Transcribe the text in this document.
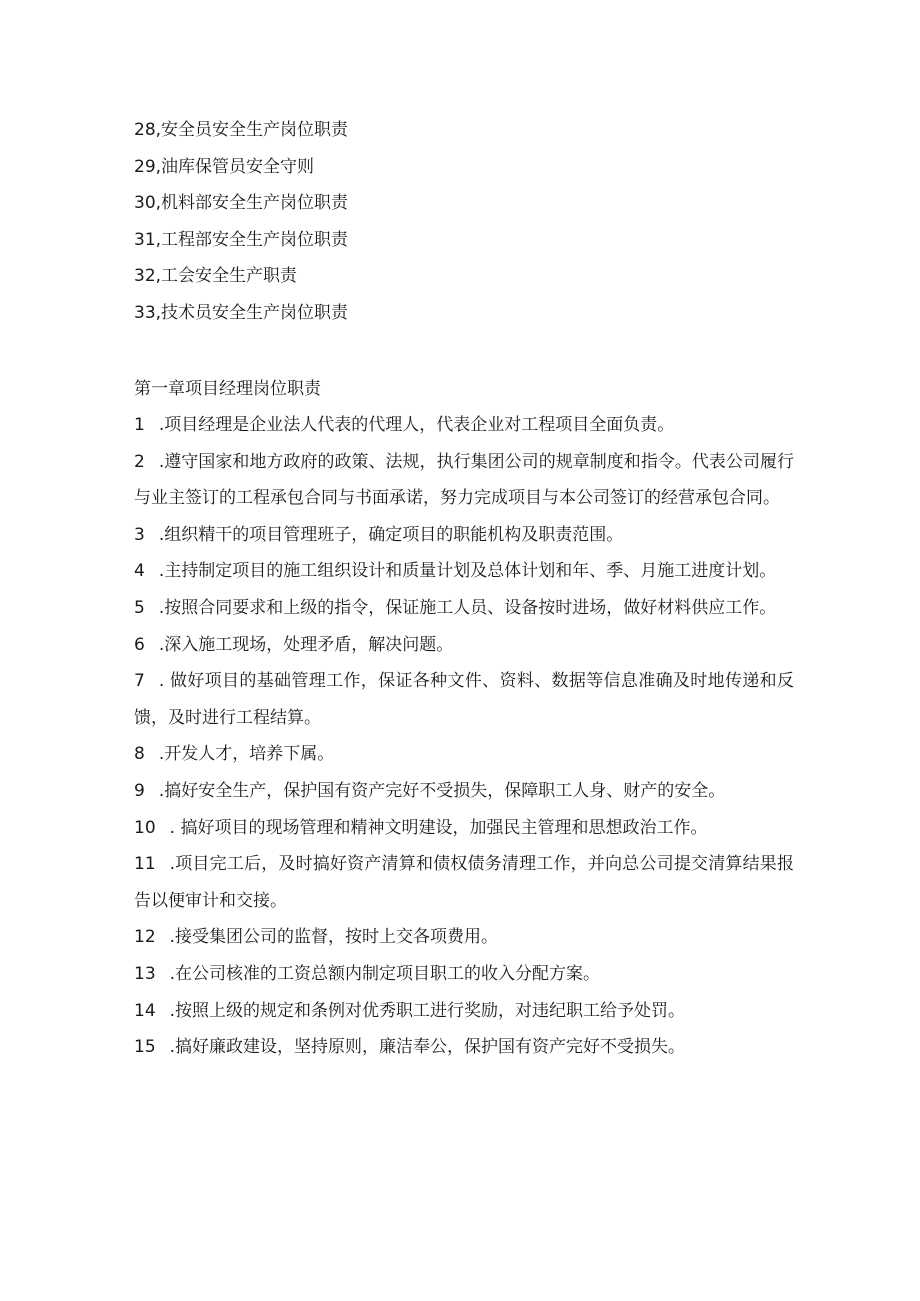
28,安全员安全生产岗位职责
29,油库保管员安全守则
30,机料部安全生产岗位职责
31,工程部安全生产岗位职责
32,工会安全生产职责
33,技术员安全生产岗位职责
第一章项目经理岗位职责
1 .项目经理是企业法人代表的代理人，代表企业对工程项目全面负责。
2 .遵守国家和地方政府的政策、法规，执行集团公司的规章制度和指令。代表公司履行与业主签订的工程承包合同与书面承诺，努力完成项目与本公司签订的经营承包合同。
3 .组织精干的项目管理班子，确定项目的职能机构及职责范围。
4 .主持制定项目的施工组织设计和质量计划及总体计划和年、季、月施工进度计划。
5 .按照合同要求和上级的指令，保证施工人员、设备按时进场，做好材料供应工作。
6 .深入施工现场，处理矛盾，解决问题。
7 . 做好项目的基础管理工作，保证各种文件、资料、数据等信息准确及时地传递和反馈，及时进行工程结算。
8 .开发人才，培养下属。
9 .搞好安全生产，保护国有资产完好不受损失，保障职工人身、财产的安全。
10 . 搞好项目的现场管理和精神文明建设，加强民主管理和思想政治工作。
11 .项目完工后，及时搞好资产清算和债权债务清理工作，并向总公司提交清算结果报告以便审计和交接。
12 .接受集团公司的监督，按时上交各项费用。
13 .在公司核准的工资总额内制定项目职工的收入分配方案。
14 .按照上级的规定和条例对优秀职工进行奖励，对违纪职工给予处罚。
15 .搞好廉政建设，坚持原则，廉洁奉公，保护国有资产完好不受损失。
